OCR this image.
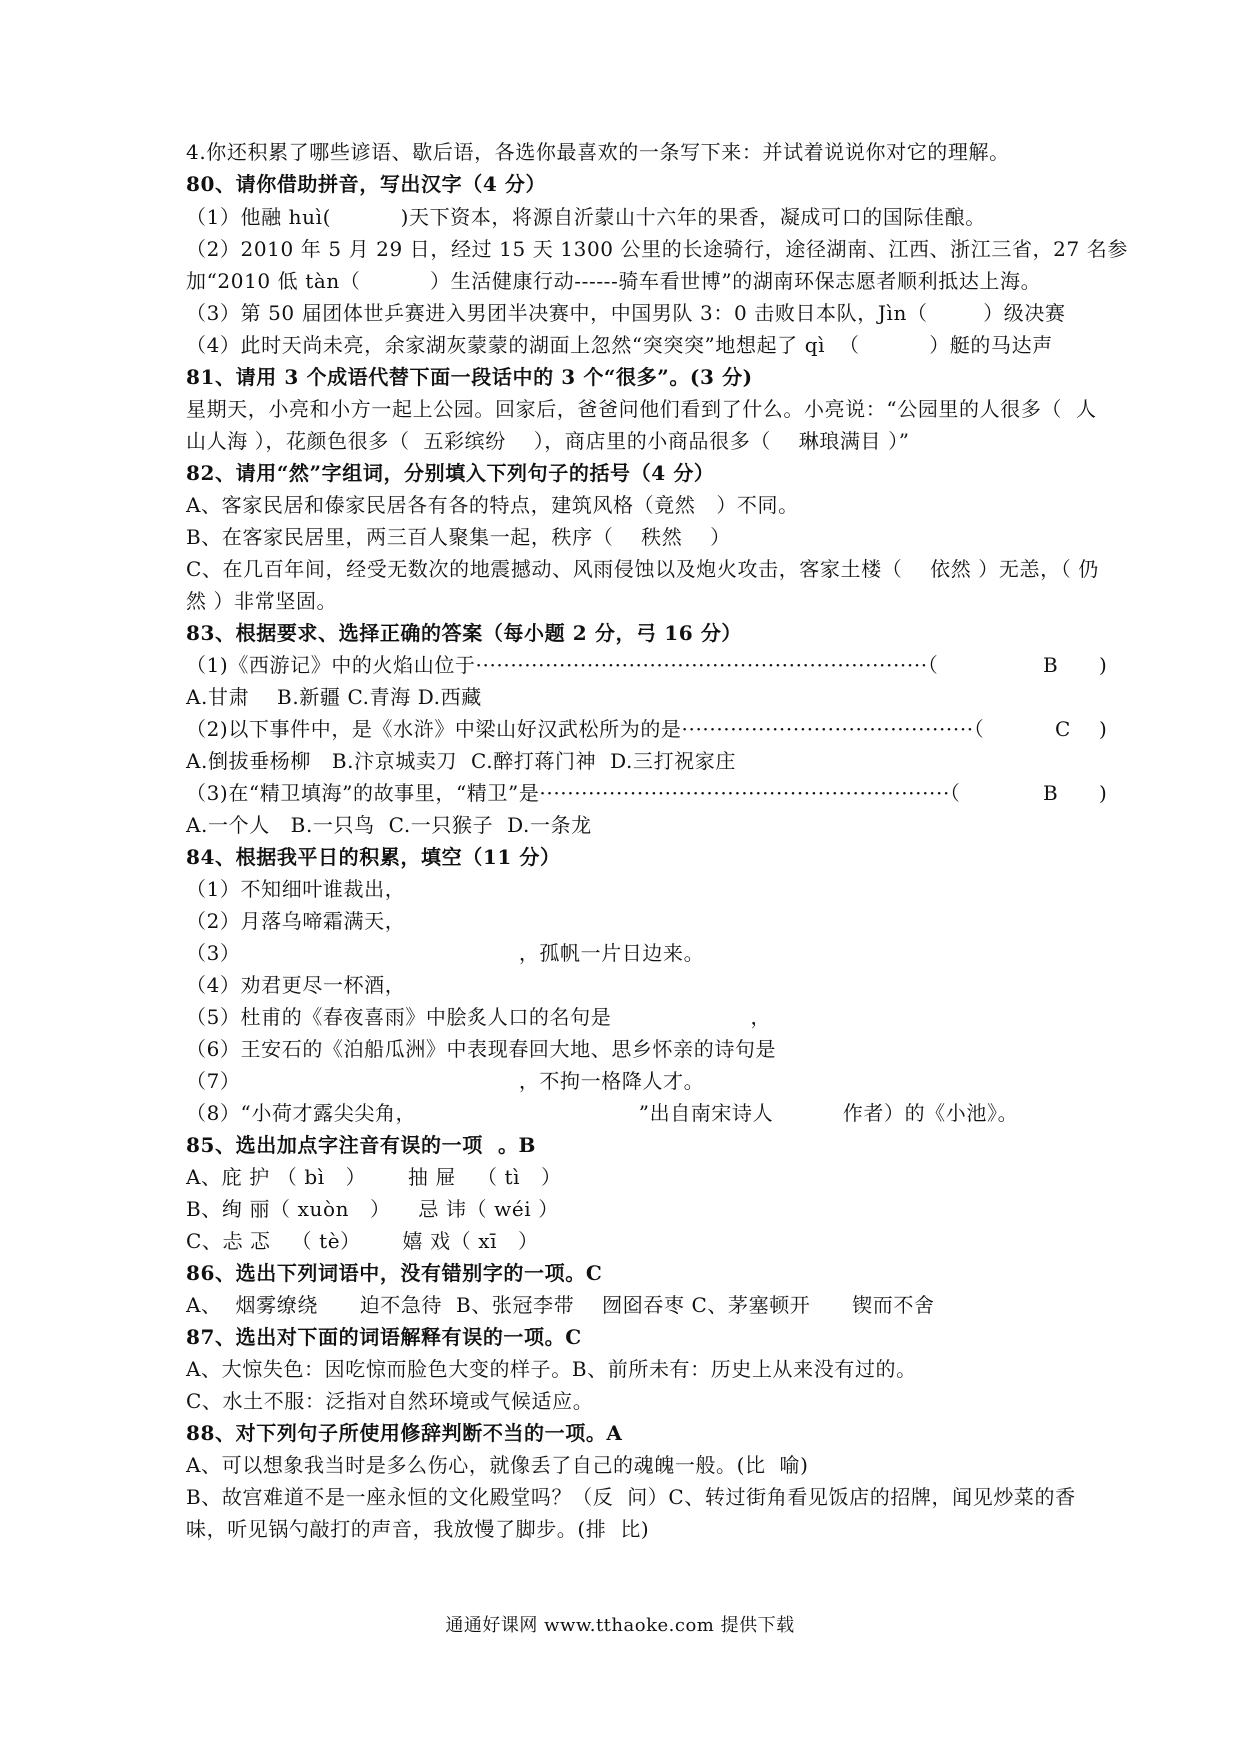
4.你还积累了哪些谚语、歇后语，各选你最喜欢的一条写下来：并试着说说你对它的理解。
80、请你借助拼音，写出汉字（4 分）
（1）他融 huì(          )天下资本，将源自沂蒙山十六年的果香，凝成可口的国际佳酿。
（2）2010 年 5 月 29 日，经过 15 天 1300 公里的长途骑行，途径湖南、江西、浙江三省，27 名参
加“2010 低 tàn（          ）生活健康行动------骑车看世博”的湖南环保志愿者顺利抵达上海。
（3）第 50 届团体世乒赛进入男团半决赛中，中国男队 3：0 击败日本队，Jìn（        ）级决赛
（4）此时天尚未亮，余家湖灰蒙蒙的湖面上忽然“突突突”地想起了 qì  （          ）艇的马达声
81、请用 3 个成语代替下面一段话中的 3 个“很多”。(3 分)
星期天，小亮和小方一起上公园。回家后，爸爸问他们看到了什么。小亮说：“公园里的人很多（  人
山人海 ），花颜色很多（  五彩缤纷    ），商店里的小商品很多（    琳琅满目 ）”
82、请用“然”字组词，分别填入下列句子的括号（4 分）
A、客家民居和傣家民居各有各的特点，建筑风格（竟然   ）不同。
B、在客家民居里，两三百人聚集一起，秩序（    秩然    ）
C、在几百年间，经受无数次的地震撼动、风雨侵蚀以及炮火攻击，客家土楼（    依然 ）无恙，（ 仍
然 ）非常坚固。
83、根据要求、选择正确的答案（每小题 2 分，弓 16 分）
（1)《西游记》中的火焰山位于·································································（	B )
A.甘肃    B.新疆 C.青海 D.西藏
（2)以下事件中，是《水浒》中梁山好汉武松所为的是··········································（	C )
A.倒拔垂杨柳   B.汴京城卖刀  C.醉打蒋门神  D.三打祝家庄
（3)在“精卫填海”的故事里，“精卫”是···························································（	B )
A.一个人   B.一只鸟  C.一只猴子  D.一条龙
84、根据我平日的积累，填空（11 分）
（1）不知细叶谁裁出，
（2）月落乌啼霜满天，
（3）                                        ，孤帆一片日边来。
（4）劝君更尽一杯酒，
（5）杜甫的《春夜喜雨》中脍炙人口的名句是                    ，
（6）王安石的《泊船瓜洲》中表现春回大地、思乡怀亲的诗句是
（7）                                        ，不拘一格降人才。
（8）“小荷才露尖尖角，                                ”出自南宋诗人          作者）的《小池》。
85、选出加点字注音有误的一项  。B
A、庇 护 （ bì   ）      抽 屉   （ tì   ）
B、绚 丽（ xuòn   ）    忌 讳（ wéi ）
C、忐 忑   （ tè）      嬉 戏（ xī   ）
86、选出下列词语中，没有错别字的一项。C
A、  烟雾缭绕      迫不急待  B、张冠李带    囫囵吞枣 C、茅塞顿开      锲而不舍
87、选出对下面的词语解释有误的一项。C
A、大惊失色：因吃惊而脸色大变的样子。B、前所未有：历史上从来没有过的。
C、水土不服：泛指对自然环境或气候适应。
88、对下列句子所使用修辞判断不当的一项。A
A、可以想象我当时是多么伤心，就像丢了自己的魂魄一般。(比  喻)
B、故宫难道不是一座永恒的文化殿堂吗？（反  问）C、转过街角看见饭店的招牌，闻见炒菜的香
味，听见锅勺敲打的声音，我放慢了脚步。(排  比)
通通好课网 www.tthaoke.com 提供下载
